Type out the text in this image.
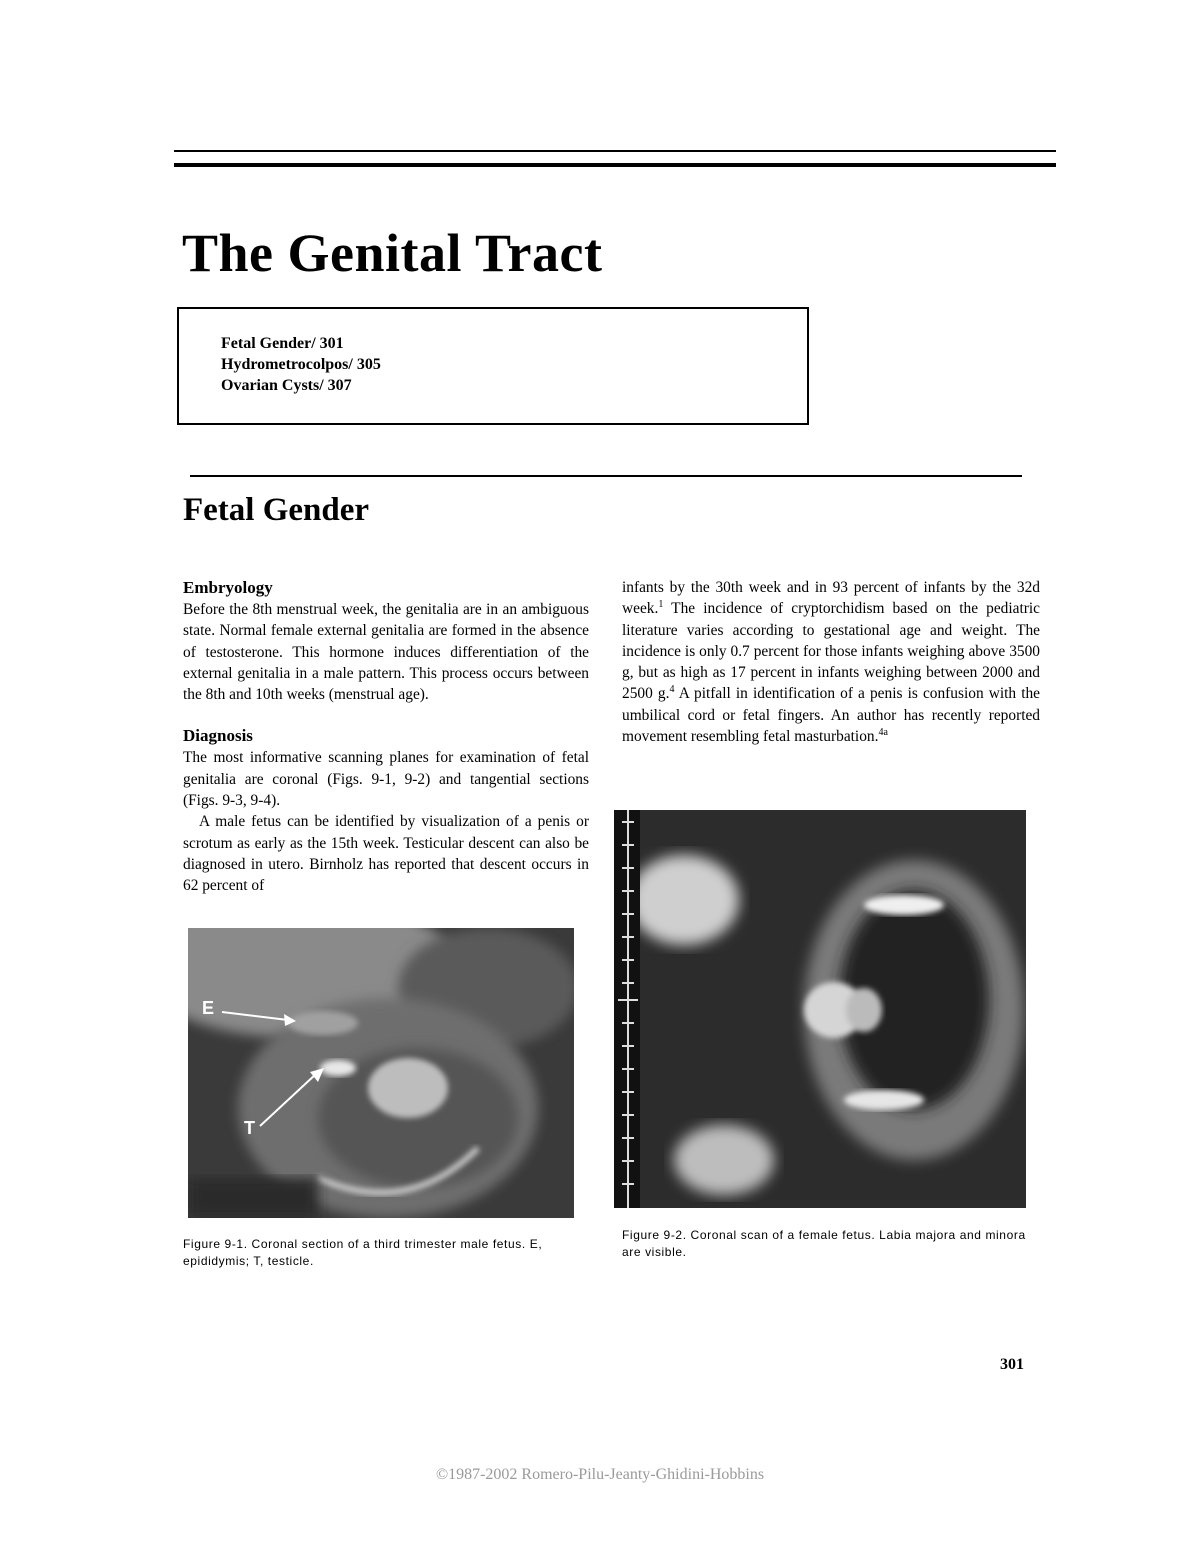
The Genital Tract
Fetal Gender/ 301
Hydrometrocolpos/ 305
Ovarian Cysts/ 307
Fetal Gender
Embryology

Before the 8th menstrual week, the genitalia are in an ambiguous state. Normal female external genitalia are formed in the absence of testosterone. This hormone induces differentiation of the external genitalia in a male pattern. This process occurs between the 8th and 10th weeks (menstrual age).

Diagnosis

The most informative scanning planes for examination of fetal genitalia are coronal (Figs. 9-1, 9-2) and tangential sections (Figs. 9-3, 9-4).

A male fetus can be identified by visualization of a penis or scrotum as early as the 15th week. Testicular descent can also be diagnosed in utero. Birnholz has reported that descent occurs in 62 percent of

infants by the 30th week and in 93 percent of infants by the 32d week.$^1$ The incidence of cryptorchidism based on the pediatric literature varies according to gestational age and weight. The incidence is only 0.7 percent for those infants weighing above 3500 g, but as high as 17 percent in infants weighing between 2000 and 2500 g.$^4$ A pitfall in identification of a penis is confusion with the umbilical cord or fetal fingers. An author has recently reported movement resembling fetal masturbation.$^{4a}$

E
T
Figure 9-1. Coronal section of a third trimester male fetus. E, epididymis; T, testicle.
Figure 9-2. Coronal scan of a female fetus. Labia majora and minora are visible.
301
©1987-2002 Romero-Pilu-Jeanty-Ghidini-Hobbins
